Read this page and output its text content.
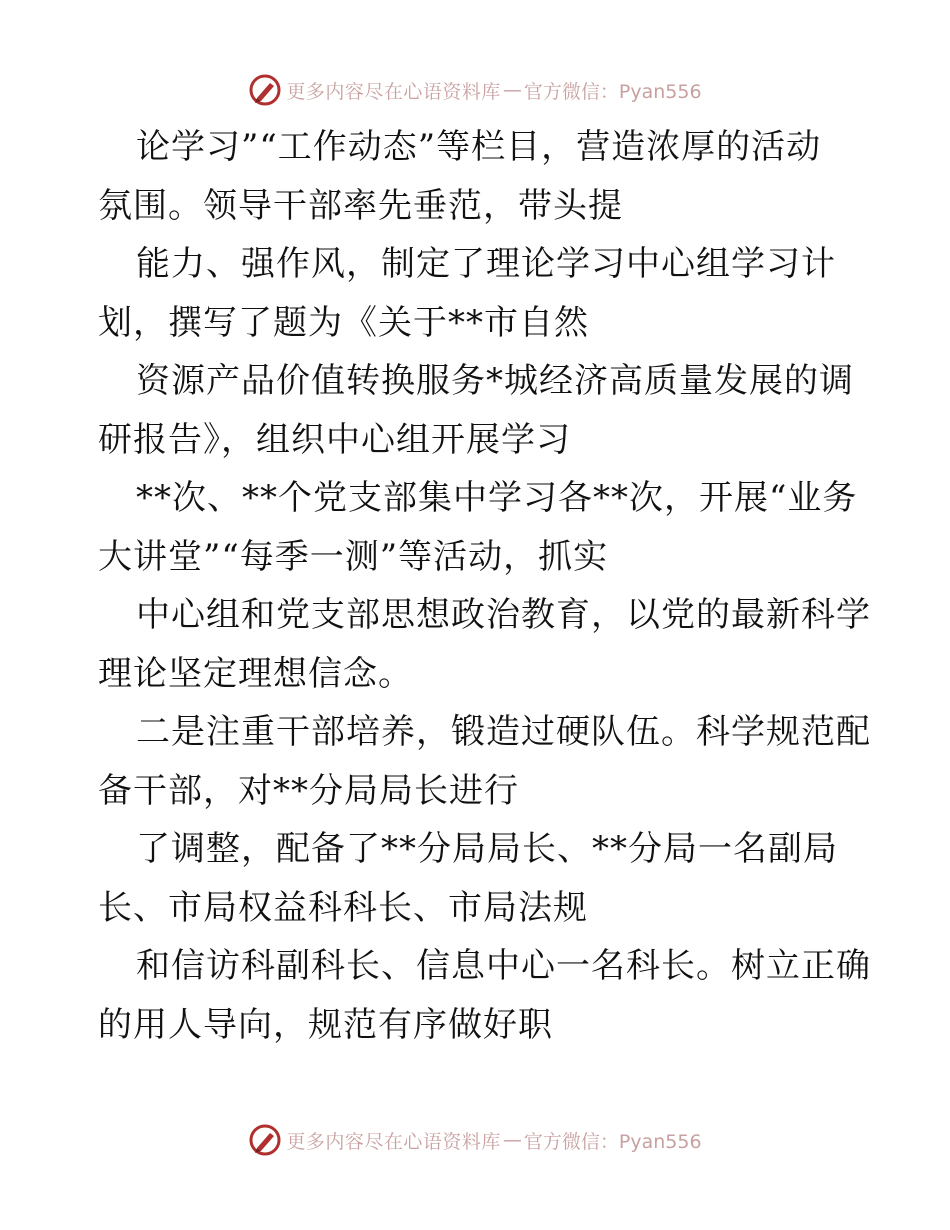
更多内容尽在心语资料库 — 官方微信：Pyan556
论学习”“工作动态”等栏目，营造浓厚的活动
氛围。领导干部率先垂范，带头提
能力、强作风，制定了理论学习中心组学习计
划，撰写了题为《关于**市自然
资源产品价值转换服务*城经济高质量发展的调
研报告》，组织中心组开展学习
**次、**个党支部集中学习各**次，开展“业务
大讲堂”“每季一测”等活动，抓实
中心组和党支部思想政治教育，以党的最新科学
理论坚定理想信念。
二是注重干部培养，锻造过硬队伍。科学规范配
备干部，对**分局局长进行
了调整，配备了**分局局长、**分局一名副局
长、市局权益科科长、市局法规
和信访科副科长、信息中心一名科长。树立正确
的用人导向，规范有序做好职
更多内容尽在心语资料库 — 官方微信：Pyan556
